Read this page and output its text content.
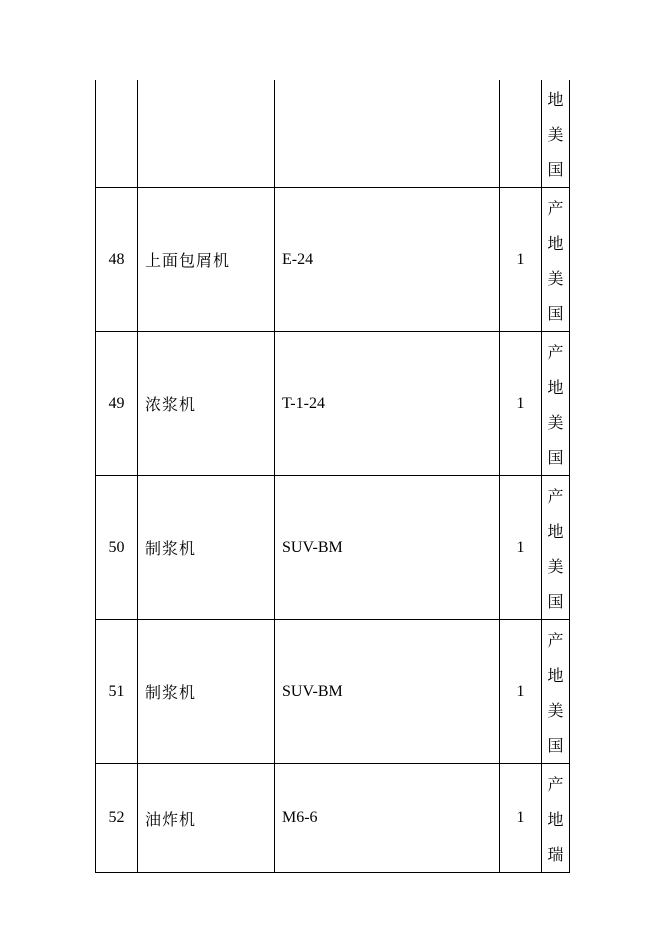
				地
美
国

48	上面包屑机	E-24	1	产
地
美
国

49	浓浆机	T-1-24	1	产
地
美
国

50	制浆机	SUV-BM	1	产
地
美
国

51	制浆机	SUV-BM	1	产
地
美
国

52	油炸机	M6-6	1	产
地
瑞
